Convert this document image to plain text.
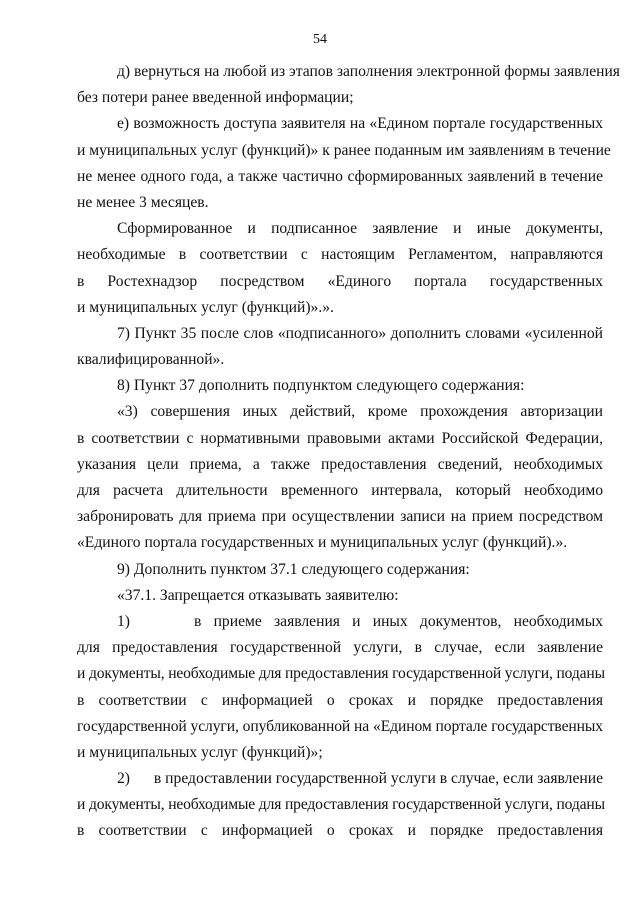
54
д) вернуться на любой из этапов заполнения электронной формы заявления
без потери ранее введенной информации;
е) возможность доступа заявителя на «Едином портале государственных
и муниципальных услуг (функций)» к ранее поданным им заявлениям в течение
не менее одного года, а также частично сформированных заявлений в течение
не менее 3 месяцев.
Сформированное и подписанное заявление и иные документы,
необходимые в соответствии с настоящим Регламентом, направляются
в Ростехнадзор посредством «Единого портала государственных
и муниципальных услуг (функций)».».
7) Пункт 35 после слов «подписанного» дополнить словами «усиленной
квалифицированной».
8) Пункт 37 дополнить подпунктом следующего содержания:
«3) совершения иных действий, кроме прохождения авторизации
в соответствии с нормативными правовыми актами Российской Федерации,
указания цели приема, а также предоставления сведений, необходимых
для расчета длительности временного интервала, который необходимо
забронировать для приема при осуществлении записи на прием посредством
«Единого портала государственных и муниципальных услуг (функций).».
9) Дополнить пунктом 37.1 следующего содержания:
«37.1. Запрещается отказывать заявителю:
1)	в приеме заявления и иных документов, необходимых
для предоставления государственной услуги, в случае, если заявление
и документы, необходимые для предоставления государственной услуги, поданы
в соответствии с информацией о сроках и порядке предоставления
государственной услуги, опубликованной на «Едином портале государственных
и муниципальных услуг (функций)»;
2)	в предоставлении государственной услуги в случае, если заявление
и документы, необходимые для предоставления государственной услуги, поданы
в соответствии с информацией о сроках и порядке предоставления
